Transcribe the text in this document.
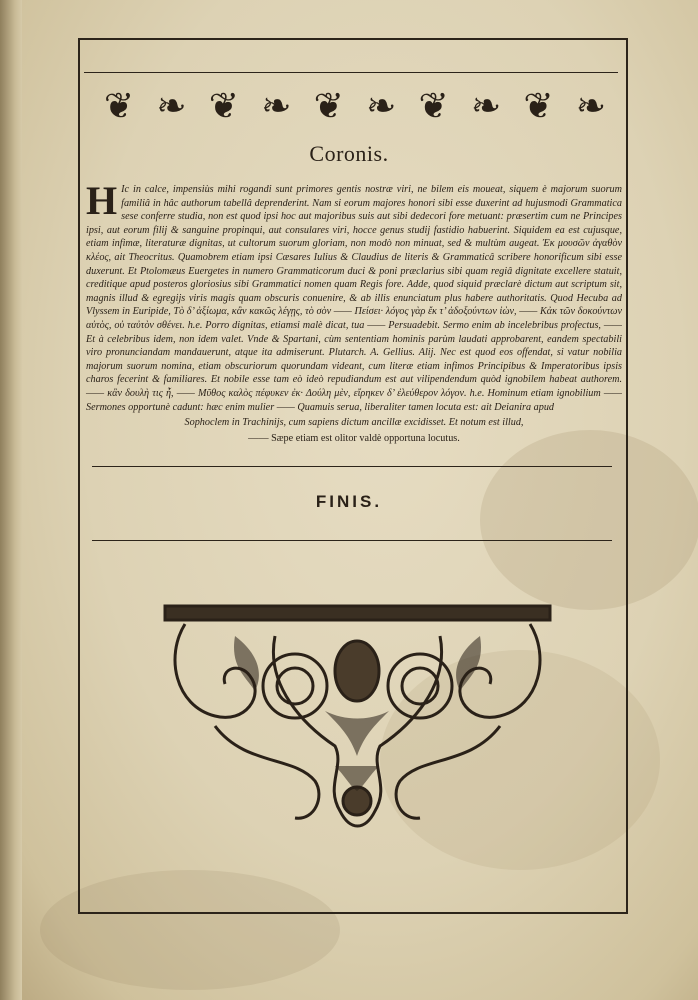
❦ ❧ ❦ ❧ ❦ ❧ ❦ ❧ ❦ ❧
Coronis.
H Ic in calce, impensiùs mihi rogandi sunt primores gentis nostræ viri, ne bilem eis moueat, siquem è majorum suorum familiâ in hâc authorum tabellâ deprenderint. Nam si eorum majores honori sibi esse duxerint ad hujusmodi Grammatica sese conferre studia, non est quod ipsi hoc aut majoribus suis aut sibi dedecori fore metuant: præsertim cum ne Principes ipsi, aut eorum filij & sanguine propinqui, aut consulares viri, hocce genus studij fastidio habuerint. Siquidem ea est cujusque, etiam infimæ, literaturæ dignitas, ut cultorum suorum gloriam, non modò non minuat, sed & multùm augeat. Ἐκ μουσῶν ἀγαθὸν κλέος, ait Theocritus. Quamobrem etiam ipsi Cæsares Iulius & Claudius de literis & Grammaticâ scribere honorificum sibi esse duxerunt. Et Ptolomæus Euergetes in numero Grammaticorum duci & poni præclarius sibi quam regiâ dignitate excellere statuit, creditique apud posteros gloriosius sibi Grammatici nomen quam Regis fore. Adde, quod siquid præclarè dictum aut scriptum sit, magnis illud & egregijs viris magis quam obscuris conuenire, & ab illis enunciatum plus habere authoritatis. Quod Hecuba ad Vlyssem in Euripide, Τὸ δ’ ἀξίωμα, κἂν κακῶς λέγῃς, τὸ σὸν —— Πείσει· λόγος γὰρ ἔκ τ’ ἀδοξούντων ἰὼν, —— Κἀκ τῶν δοκούντων αὐτὸς, οὐ ταὐτὸν σθένει. h.e. Porro dignitas, etiamsi malè dicat, tua —— Persuadebit. Sermo enim ab incelebribus profectus, —— Et à celebribus idem, non idem valet. Vnde & Spartani, cùm sententiam hominis parùm laudati approbarent, eandem spectabili viro pronunciandam mandauerunt, atque ita admiserunt. Plutarch. A. Gellius. Alij. Nec est quod eos offendat, si vatur nobilia majorum suorum nomina, etiam obscuriorum quorundam videant, cum literæ etiam infimos Principibus & Imperatoribus ipsis charos fecerint & familiares. Et nobile esse tam eò ideò repudiandum est aut vilipendendum quòd ignobilem habeat authorem. —— κἂν δουλὴ τις ἦ, —— Μῦθος καλὸς πέφυκεν ἐκ· Δούλη μὲν, εἴρηκεν δ’ ἐλεύθερον λόγον. h.e. Hominum etiam ignobilium —— Sermones opportunè cadunt: hæc enim mulier —— Quamuis serua, liberaliter tamen locuta est: ait Deianira apud
Sophoclem in Trachinijs, cum sapiens dictum ancillæ excidisset. Et notum est illud,
—— Sæpe etiam est olitor valdè opportuna locutus.
FINIS.
